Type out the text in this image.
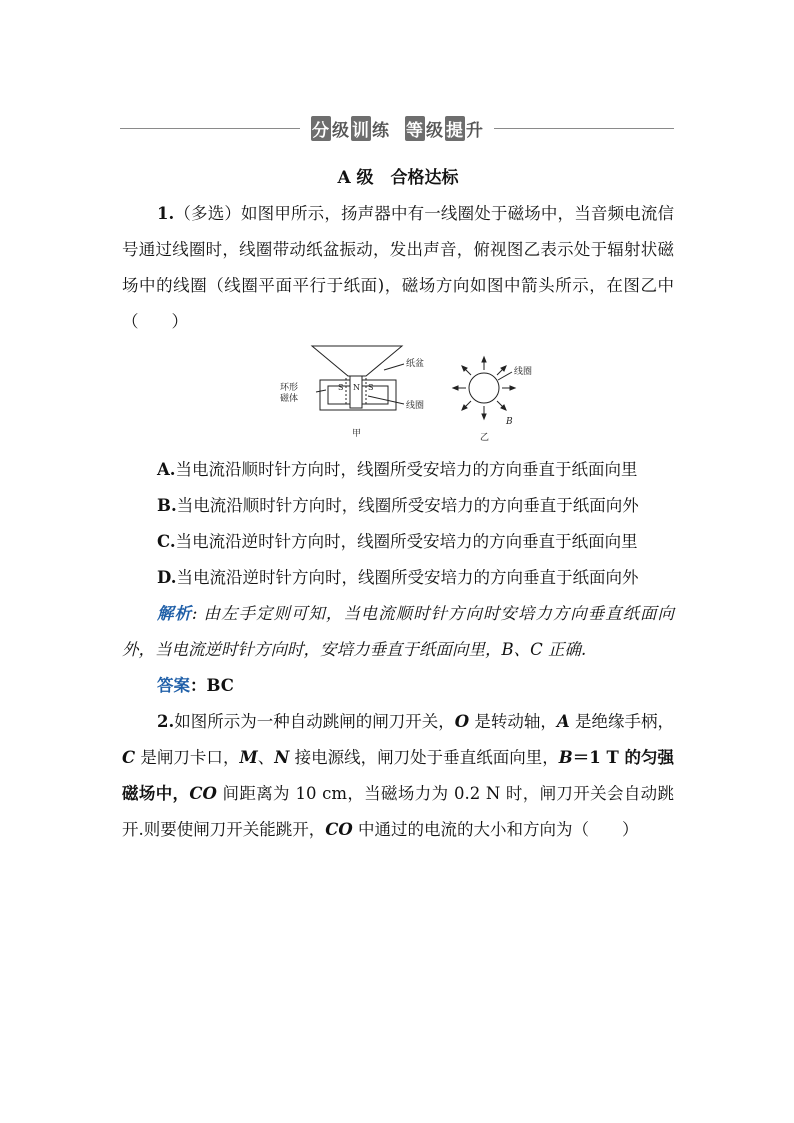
分 级 训 练 等 级 提 升

A 级　合格达标

1.（多选）如图甲所示，扬声器中有一线圈处于磁场中，当音频电流信号通过线圈时，线圈带动纸盆振动，发出声音，俯视图乙表示处于辐射状磁场中的线圈（线圈平面平行于纸面)，磁场方向如图中箭头所示，在图乙中（　　）

纸盆
环形
磁体
线圈
S N S
甲
线圈
B
乙

A.当电流沿顺时针方向时，线圈所受安培力的方向垂直于纸面向里

B.当电流沿顺时针方向时，线圈所受安培力的方向垂直于纸面向外

C.当电流沿逆时针方向时，线圈所受安培力的方向垂直于纸面向里

D.当电流沿逆时针方向时，线圈所受安培力的方向垂直于纸面向外

解析: 由左手定则可知，当电流顺时针方向时安培力方向垂直纸面向外，当电流逆时针方向时，安培力垂直于纸面向里，B、C 正确.

答案：BC

2.如图所示为一种自动跳闸的闸刀开关，O 是转动轴，A 是绝缘手柄，C 是闸刀卡口，M、N 接电源线，闸刀处于垂直纸面向里，B＝1 T 的匀强磁场中，CO 间距离为 10 cm，当磁场力为 0.2 N 时，闸刀开关会自动跳开.则要使闸刀开关能跳开，CO 中通过的电流的大小和方向为（　　）
